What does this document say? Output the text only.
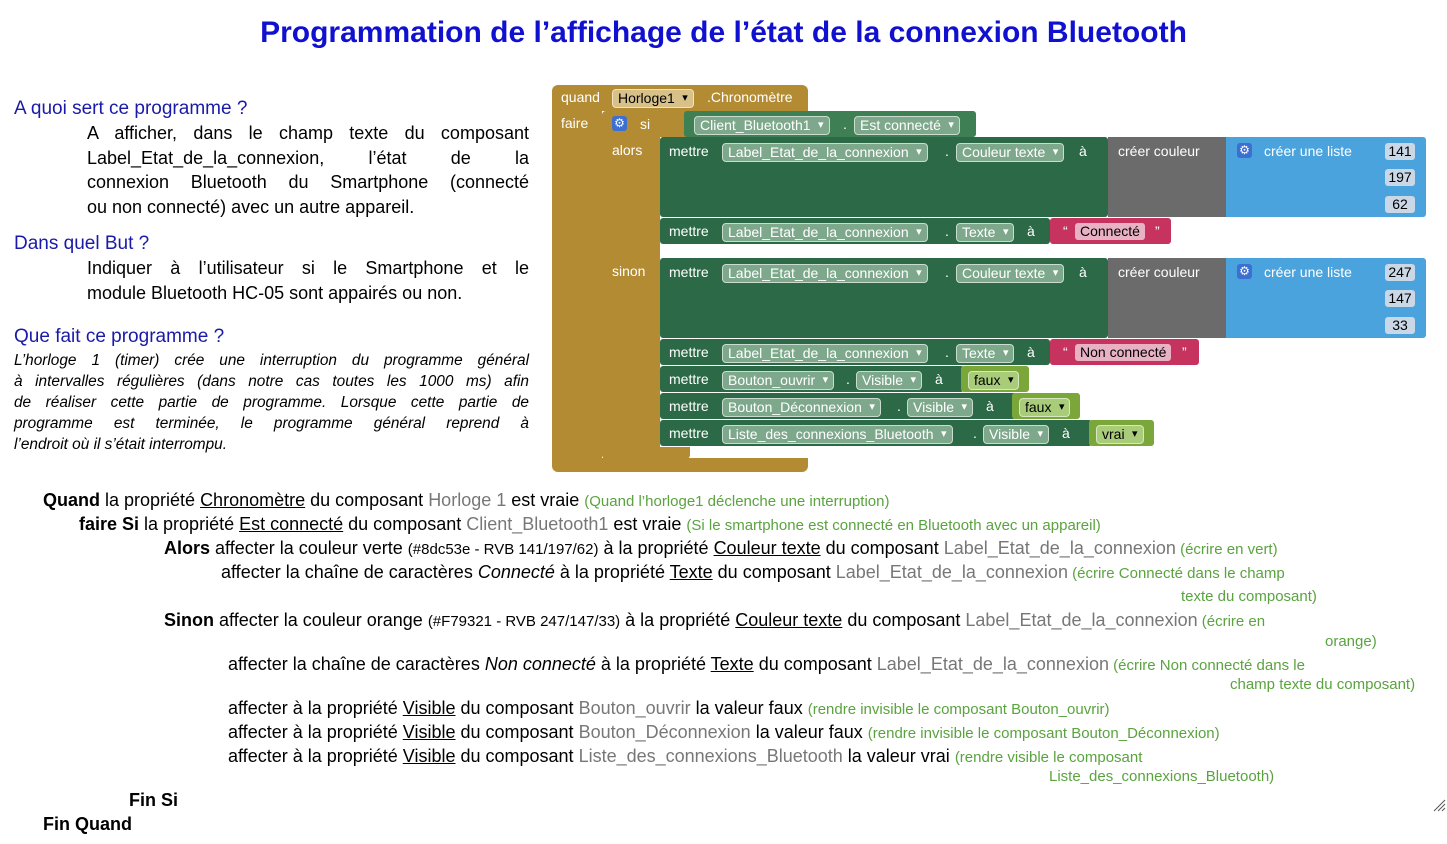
Programmation de l’affichage de l’état de la connexion Bluetooth
A quoi sert ce programme ?
A afficher, dans le champ texte du composant
Label_Etat_de_la_connexion, l’état de la
connexion Bluetooth du Smartphone (connecté
ou non connecté) avec un autre appareil.
Dans quel But ?
Indiquer à l’utilisateur si le Smartphone et le
module Bluetooth HC-05 sont appairés ou non.
Que fait ce programme ?
L’horloge 1 (timer) crée une interruption du programme général
à intervalles régulières (dans notre cas toutes les 1000 ms) afin
de réaliser cette partie de programme. Lorsque cette partie de
programme est terminée, le programme général reprend à
l’endroit où il s’était interrompu.
quand	Horloge1 ▾	.Chronomètre
faire ⚙ si
alors
sinon
Client_Bluetooth1 ▾	. Est connecté ▾
mettre	Label_Etat_de_la_connexion ▾	. Couleur texte ▾	à créer couleur	⚙ créer une liste	141
197
62
mettre	Label_Etat_de_la_connexion ▾	. Texte ▾	à “ Connecté	”
mettre	Label_Etat_de_la_connexion ▾	. Couleur texte ▾	à créer couleur	⚙ créer une liste	247
147
33
mettre	Label_Etat_de_la_connexion ▾	. Texte ▾	à “ Non connecté	”
mettre	Bouton_ouvrir ▾	. Visible ▾	à	faux ▾
mettre	Bouton_Déconnexion ▾	. Visible ▾	à	faux ▾
mettre	Liste_des_connexions_Bluetooth ▾	. Visible ▾	à	vrai ▾
Quand la propriété Chronomètre du composant Horloge 1 est vraie (Quand l’horloge1 déclenche une interruption)
faire Si la propriété Est connecté du composant Client_Bluetooth1 est vraie (Si le smartphone est connecté en Bluetooth avec un appareil)
Alors affecter la couleur verte (#8dc53e - RVB 141/197/62) à la propriété Couleur texte du composant Label_Etat_de_la_connexion (écrire en vert)
affecter la chaîne de caractères Connecté à la propriété Texte du composant Label_Etat_de_la_connexion (écrire Connecté dans le champ
texte du composant)
Sinon affecter la couleur orange (#F79321 - RVB 247/147/33) à la propriété Couleur texte du composant Label_Etat_de_la_connexion (écrire en
orange)
affecter la chaîne de caractères Non connecté à la propriété Texte du composant Label_Etat_de_la_connexion (écrire Non connecté dans le
champ texte du composant)
affecter à la propriété Visible du composant Bouton_ouvrir la valeur faux (rendre invisible le composant Bouton_ouvrir)
affecter à la propriété Visible du composant Bouton_Déconnexion la valeur faux (rendre invisible le composant Bouton_Déconnexion)
affecter à la propriété Visible du composant Liste_des_connexions_Bluetooth la valeur vrai (rendre visible le composant
Liste_des_connexions_Bluetooth)
Fin Si
Fin Quand
